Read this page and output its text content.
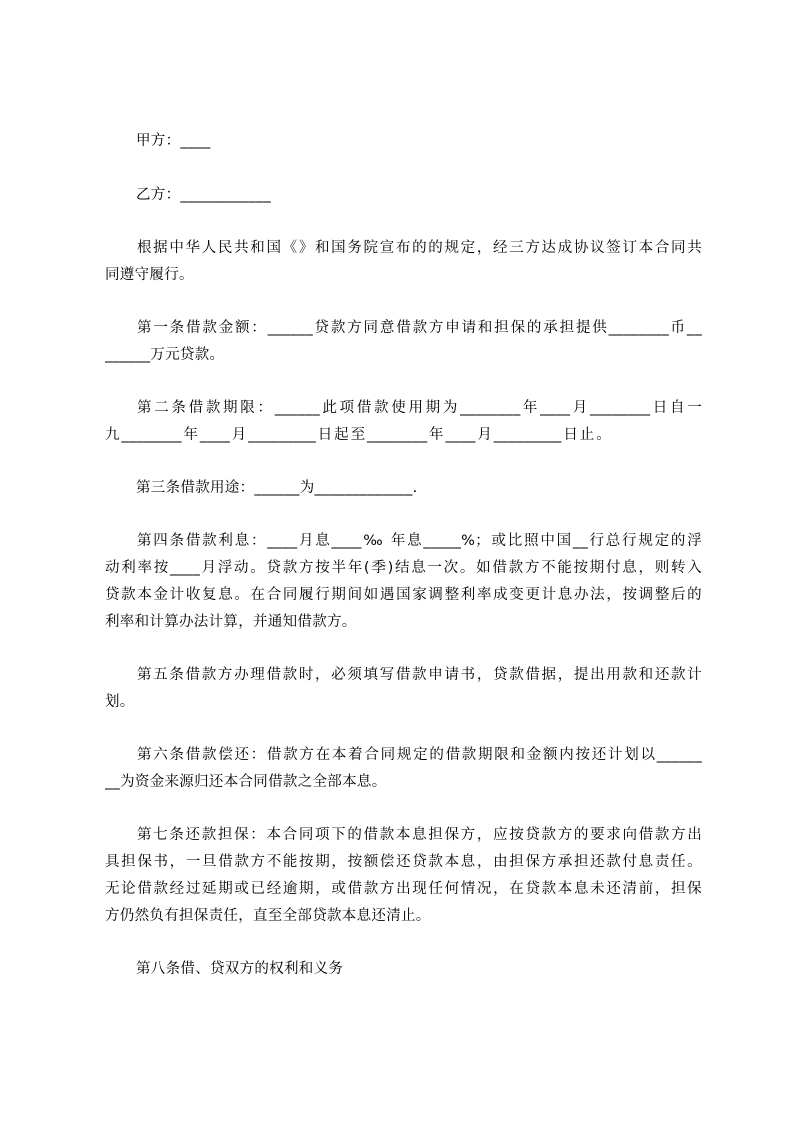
甲方：____
乙方：____________
根据中华人民共和国《》和国务院宣布的的规定，经三方达成协议签订本合同共
同遵守履行。
第一条借款金额：______贷款方同意借款方申请和担保的承担提供________币__
______万元贷款。
第二条借款期限：______此项借款使用期为________年____月________日自一
九________年____月_________日起至________年____月_________日止。
第三条借款用途：______为_____________.
第四条借款利息：____月息____‰ 年息_____%；或比照中国__行总行规定的浮
动利率按____月浮动。贷款方按半年(季)结息一次。如借款方不能按期付息，则转入
贷款本金计收复息。在合同履行期间如遇国家调整利率成变更计息办法，按调整后的
利率和计算办法计算，并通知借款方。
第五条借款方办理借款时，必须填写借款申请书，贷款借据，提出用款和还款计
划。
第六条借款偿还：借款方在本着合同规定的借款期限和金额内按还计划以______
__为资金来源归还本合同借款之全部本息。
第七条还款担保：本合同项下的借款本息担保方，应按贷款方的要求向借款方出
具担保书，一旦借款方不能按期，按额偿还贷款本息，由担保方承担还款付息责任。
无论借款经过延期或已经逾期，或借款方出现任何情况，在贷款本息未还清前，担保
方仍然负有担保责任，直至全部贷款本息还清止。
第八条借、贷双方的权利和义务
